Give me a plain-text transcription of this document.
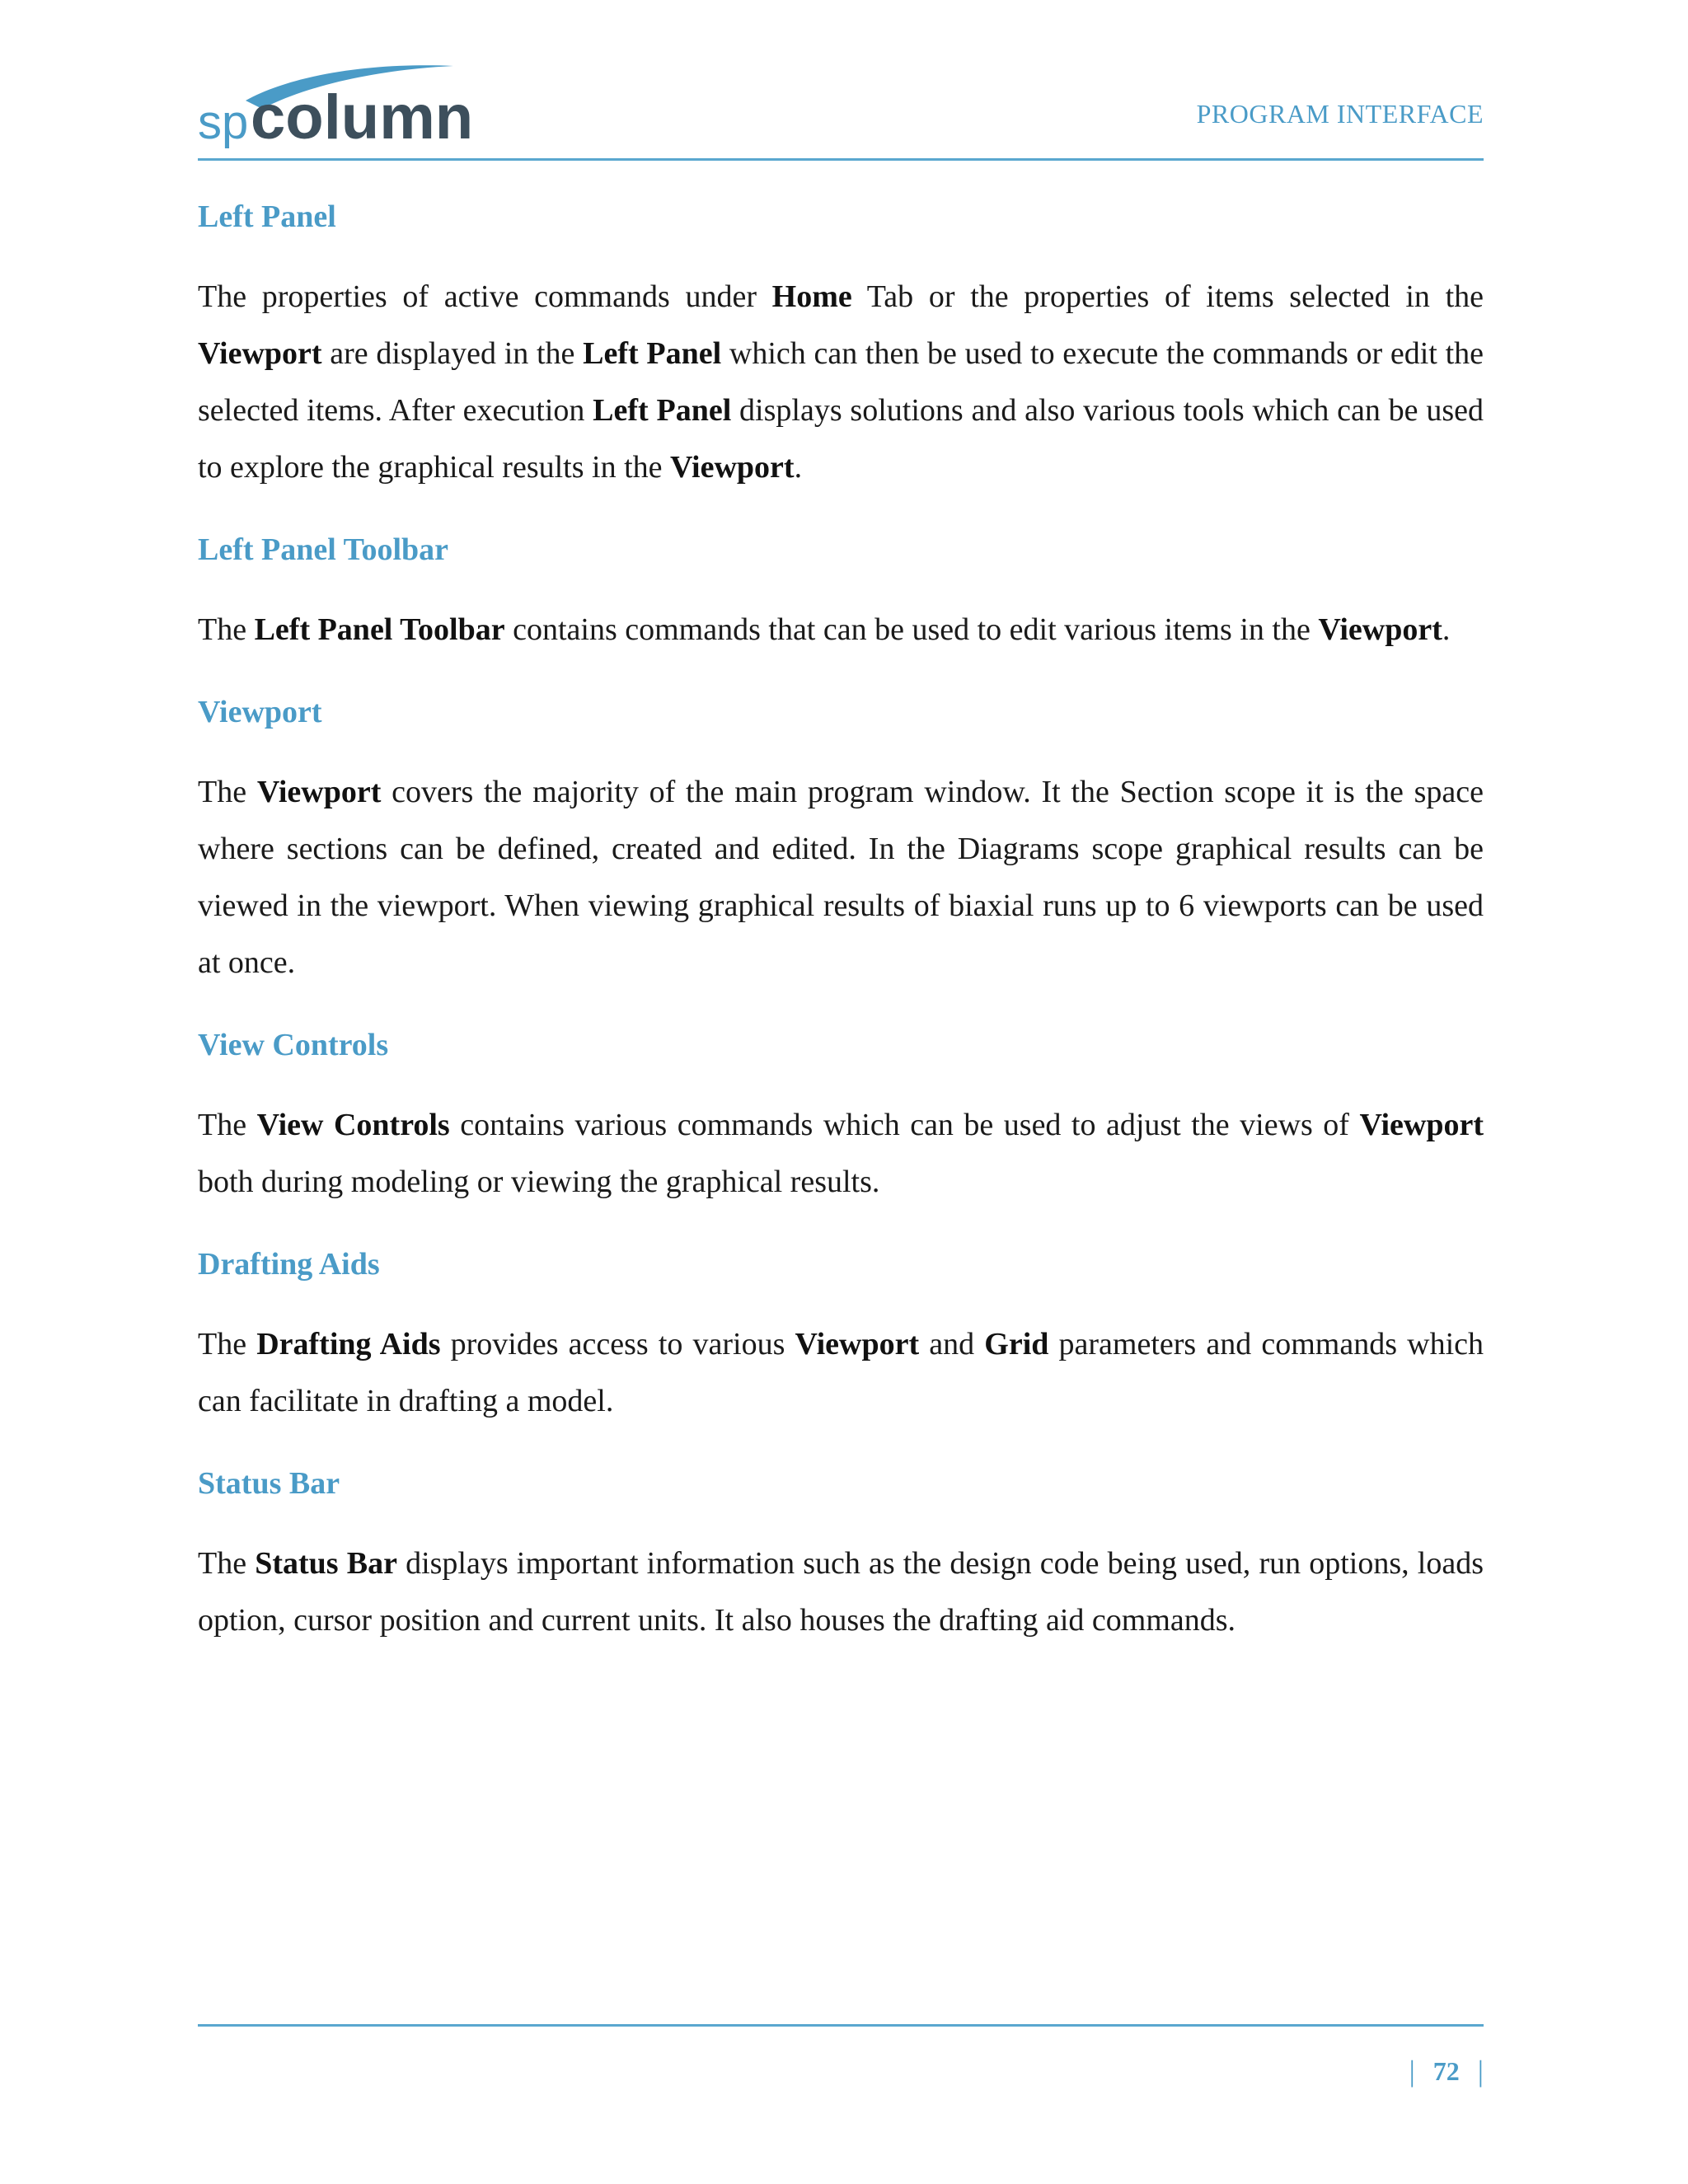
sp column	PROGRAM INTERFACE
Left Panel

The properties of active commands under Home Tab or the properties of items selected in the Viewport are displayed in the Left Panel which can then be used to execute the commands or edit the selected items. After execution Left Panel displays solutions and also various tools which can be used to explore the graphical results in the Viewport.

Left Panel Toolbar

The Left Panel Toolbar contains commands that can be used to edit various items in the Viewport.

Viewport

The Viewport covers the majority of the main program window. It the Section scope it is the space where sections can be defined, created and edited. In the Diagrams scope graphical results can be viewed in the viewport. When viewing graphical results of biaxial runs up to 6 viewports can be used at once.

View Controls

The View Controls contains various commands which can be used to adjust the views of Viewport both during modeling or viewing the graphical results.

Drafting Aids

The Drafting Aids provides access to various Viewport and Grid parameters and commands which can facilitate in drafting a model.

Status Bar

The Status Bar displays important information such as the design code being used, run options, loads option, cursor position and current units. It also houses the drafting aid commands.

| 72 |
